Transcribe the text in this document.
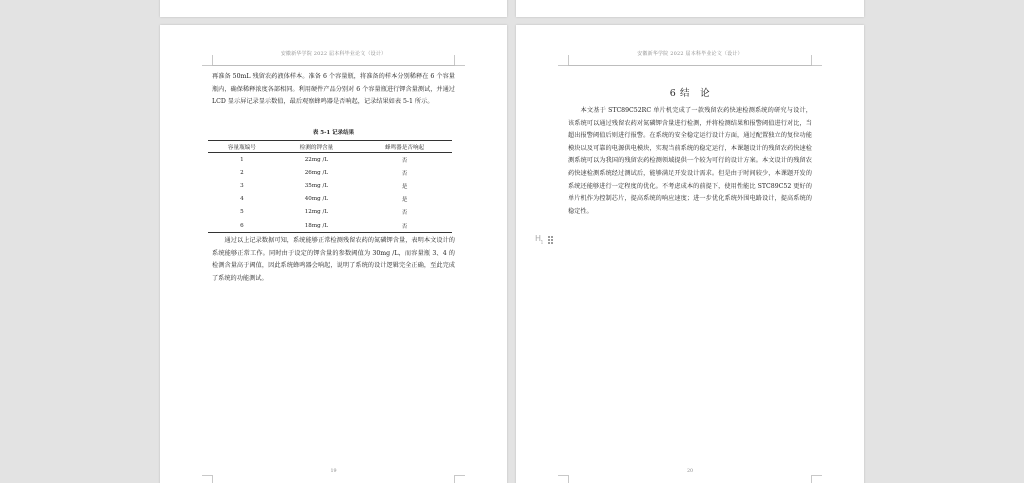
安徽新华学院 2022 届本科毕业论文（设计）

再准备 50mL 残留农药液体样本。准备 6 个容量瓶，将准备的样本分别稀释在 6 个容量瓶内，确保稀释浓度各部相同。利用硬件产品分别对 6 个容量瓶进行钾含量测试，并通过 LCD 显示屏记录显示数值，最后观察蜂鸣器是否响起，记录结果如表 5-1 所示。

表 5-1 记录结果
容量瓶编号	检测的钾含量	蜂鸣器是否响起
1	22mg /L	否
2	26mg /L	否
3	35mg /L	是
4	40mg /L	是
5	12mg /L	否
6	18mg /L	否

通过以上记录数据可知，系统能够正常检测残留农药的氮磷钾含量，表明本文设计的系统能够正常工作。同时由于设定的钾含量的参数阈值为 30mg /L，而容量瓶 3、4 的检测含量高于阈值，因此系统蜂鸣器会响起，说明了系统的设计逻辑完全正确，至此完成了系统的功能测试。

19
安徽新华学院 2022 届本科毕业论文（设计）
6 结　论

本文基于 STC89C52RC 单片机完成了一款残留农药快速检测系统的研究与设计，该系统可以通过残留农药对氮磷钾含量进行检测，并将检测结果和报警阈值进行对比，当超出报警阈值后则进行报警。在系统的安全稳定运行设计方面，通过配置独立的复位功能模块以及可靠的电源供电模块，实现当前系统的稳定运行，本课题设计的残留农药快速检测系统可以为我国的残留农药检测领域提供一个较为可行的设计方案。本文设计的残留农药快速检测系统经过测试后，能够满足开发设计需求。但是由于时间较少，本课题开发的系统还能够进行一定程度的优化。不考虑成本的前提下，使用性能比 STC89C52 更好的单片机作为控制芯片，提高系统的响应速度；进一步优化系统外围电路设计，提高系统的稳定性。

20
$H_1$
